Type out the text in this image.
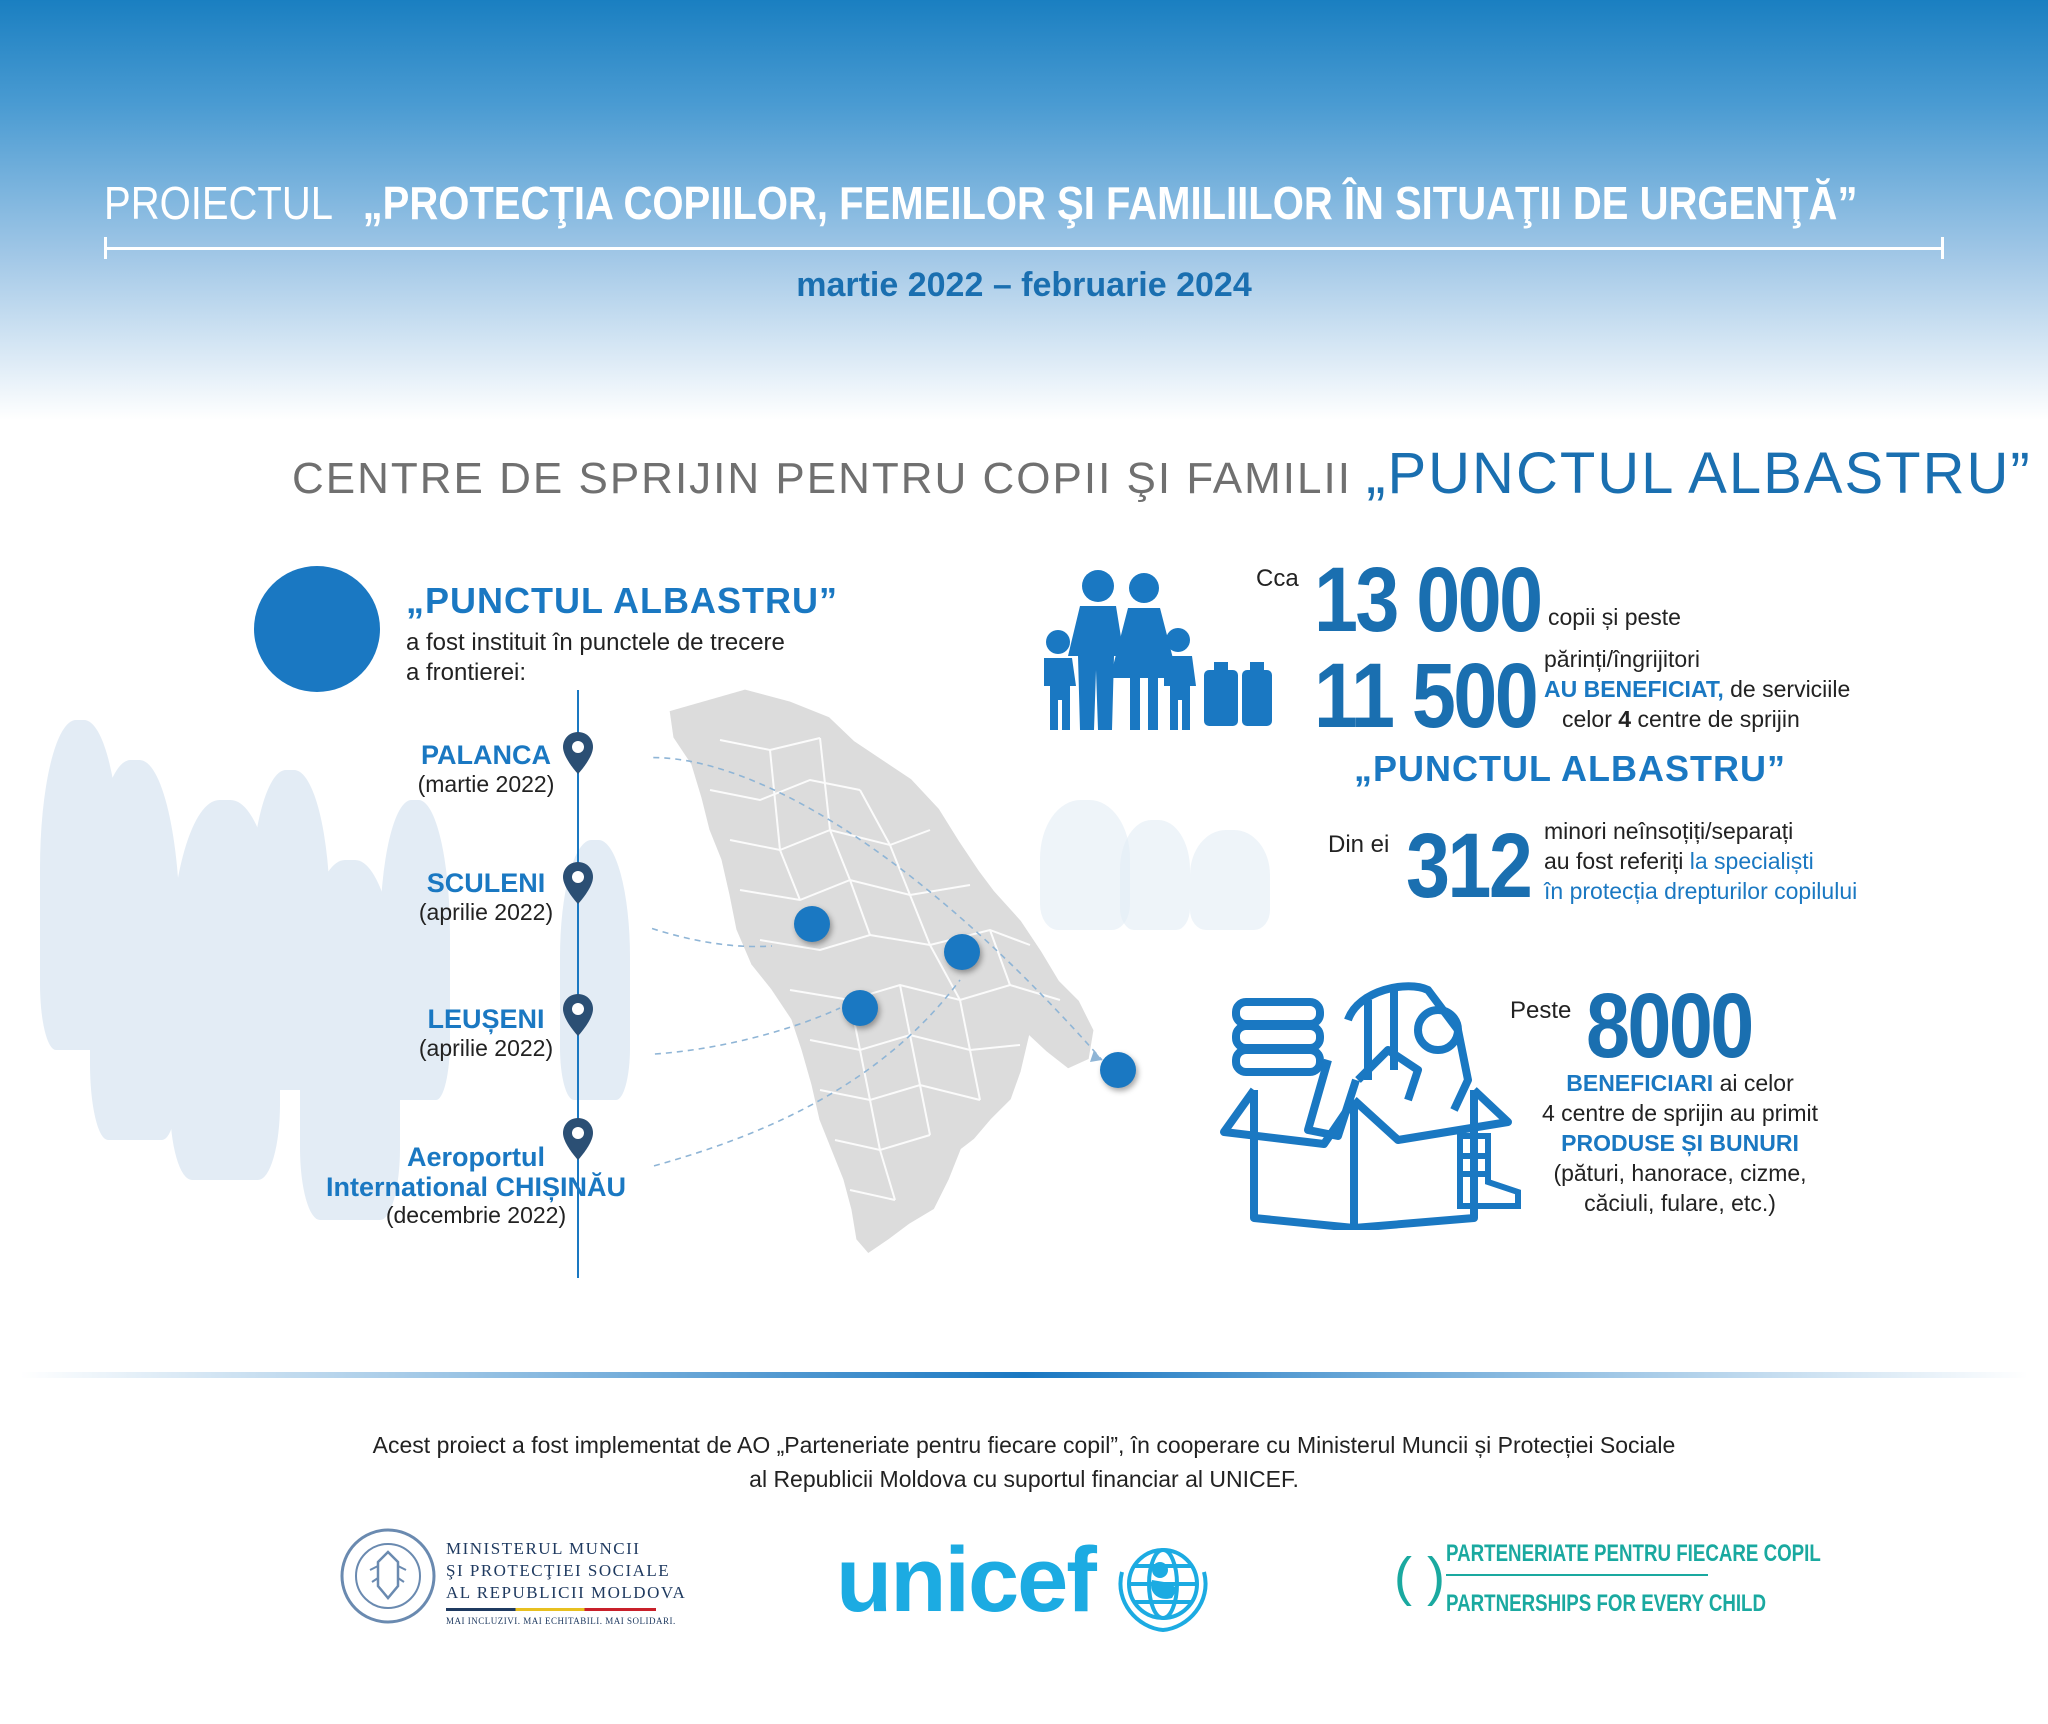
PROIECTUL „PROTECŢIA COPIILOR, FEMEILOR ŞI FAMILIILOR ÎN SITUAŢII DE URGENŢĂ”
martie 2022 – februarie 2024
CENTRE DE SPRIJIN PENTRU COPII ŞI FAMILII „PUNCTUL ALBASTRU”
„PUNCTUL ALBASTRU”
a fost instituit în punctele de trecere
a frontierei:
PALANCA
(martie 2022)
SCULENI
(aprilie 2022)
LEUȘENI
(aprilie 2022)
Aeroportul
International CHIȘINĂU
(decembrie 2022)
Cca 13 000 copii și peste
părinți/îngrijitori
11 500 AU BENEFICIAT, de serviciile
celor 4 centre de sprijin
„PUNCTUL ALBASTRU”
Din ei 312 minori neînsoțiți/separați
au fost referiți la specialiști
în protecția drepturilor copilului
Peste 8000
BENEFICIARI ai celor
4 centre de sprijin au primit
PRODUSE ȘI BUNURI
(pături, hanorace, cizme,
căciuli, fulare, etc.)
Acest proiect a fost implementat de AO „Parteneriate pentru fiecare copil”, în cooperare cu Ministerul Muncii și Protecției Sociale
al Republicii Moldova cu suportul financiar al UNICEF.
MINISTERUL MUNCII
ŞI PROTECŢIEI SOCIALE
AL REPUBLICII MOLDOVA
MAI INCLUZIVI. MAI ECHITABILI. MAI SOLIDARI. unicef	( ) PARTENERIATE PENTRU FIECARE COPIL
PARTNERSHIPS FOR EVERY CHILD
